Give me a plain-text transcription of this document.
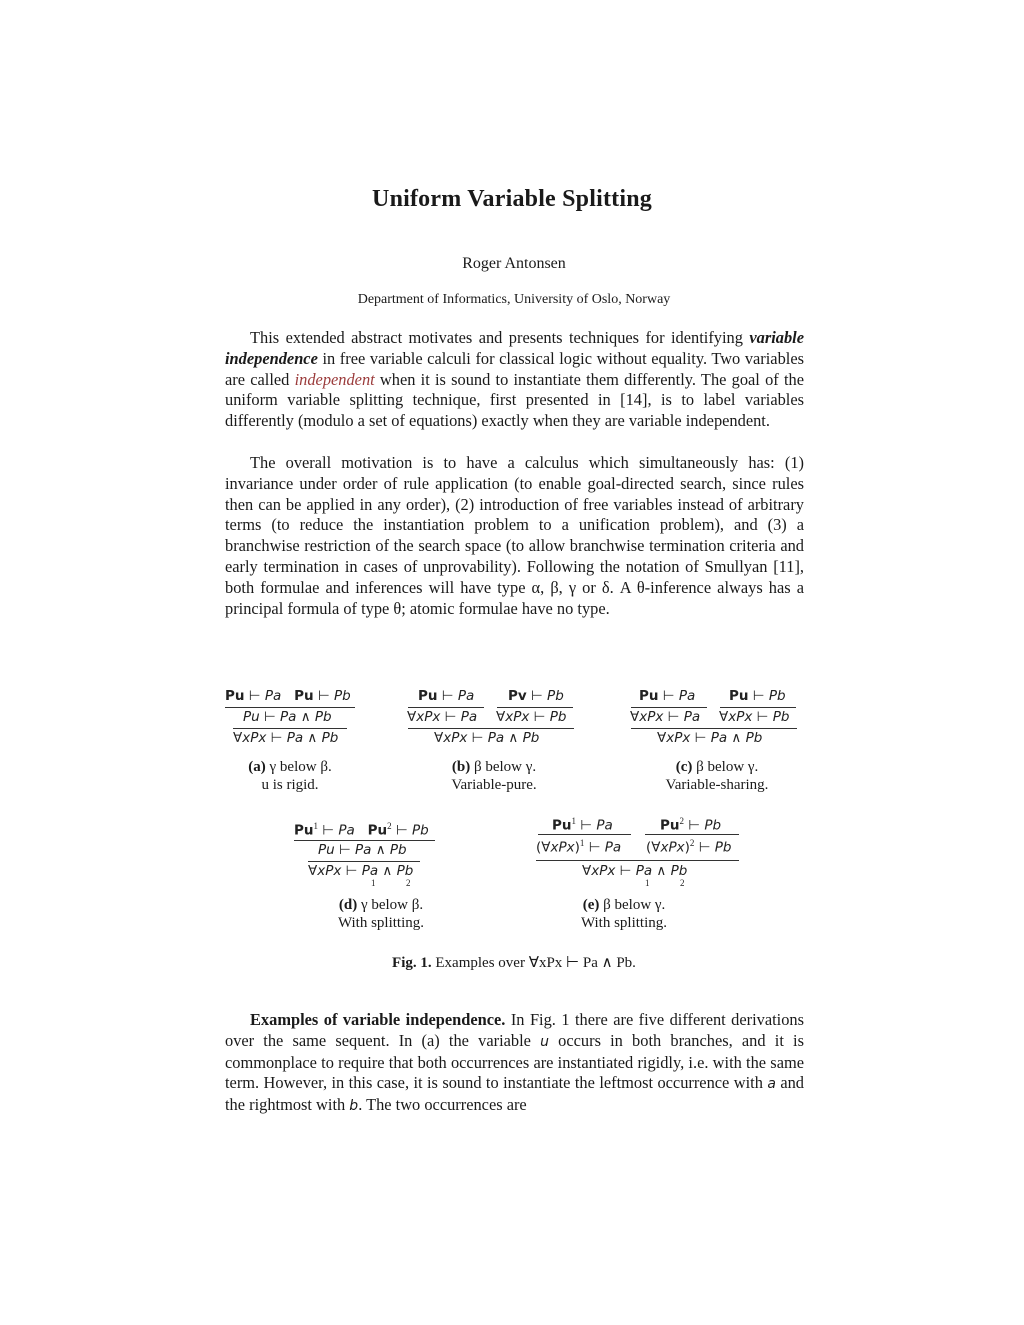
Uniform Variable Splitting
Roger Antonsen
Department of Informatics, University of Oslo, Norway
This extended abstract motivates and presents techniques for identifying variable independence in free variable calculi for classical logic without equality. Two variables are called independent when it is sound to instantiate them differently. The goal of the uniform variable splitting technique, first presented in [14], is to label variables differently (modulo a set of equations) exactly when they are variable independent.
The overall motivation is to have a calculus which simultaneously has: (1) invariance under order of rule application (to enable goal-directed search, since rules then can be applied in any order), (2) introduction of free variables instead of arbitrary terms (to reduce the instantiation problem to a unification problem), and (3) a branchwise restriction of the search space (to allow branchwise termination criteria and early termination in cases of unprovability). Following the notation of Smullyan [11], both formulae and inferences will have type α, β, γ or δ. A θ-inference always has a principal formula of type θ; atomic formulae have no type.
Pu ⊢ Pa Pu ⊢ Pb
Pu ⊢ Pa ∧ Pb
∀xPx ⊢ Pa ∧ Pb
(a) γ below β.
u is rigid.
Pu ⊢ Pa Pv ⊢ Pb
∀xPx ⊢ Pa ∀xPx ⊢ Pb
∀xPx ⊢ Pa ∧ Pb
(b) β below γ.
Variable-pure.
Pu ⊢ Pa Pu ⊢ Pb
∀xPx ⊢ Pa ∀xPx ⊢ Pb
∀xPx ⊢ Pa ∧ Pb
(c) β below γ.
Variable-sharing.
Pu$^1$ ⊢ Pa Pu$^2$ ⊢ Pb
Pu ⊢ Pa ∧ Pb
∀xPx ⊢ Pa ∧ Pb
1	2
(d) γ below β.
With splitting.
Pu$^1$ ⊢ Pa	Pu$^2$ ⊢ Pb
(∀xPx)$^1$ ⊢ Pa (∀xPx)$^2$ ⊢ Pb
∀xPx ⊢ Pa ∧ Pb
1	2
(e) β below γ.
With splitting.
Fig. 1. Examples over ∀xPx ⊢ Pa ∧ Pb.
Examples of variable independence. In Fig. 1 there are five different derivations over the same sequent. In (a) the variable u occurs in both branches, and it is commonplace to require that both occurrences are instantiated rigidly, i.e. with the same term. However, in this case, it is sound to instantiate the leftmost occurrence with a and the rightmost with b. The two occurrences are
